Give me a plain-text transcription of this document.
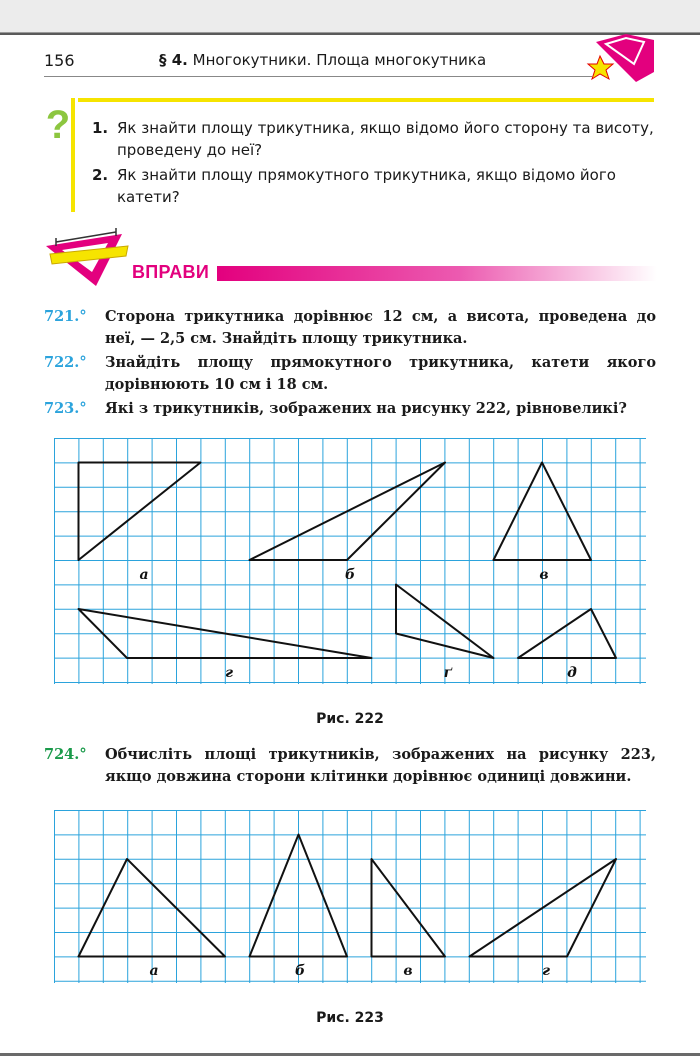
156	§ 4. Многокутники. Площа многокутника
? 1. Як знайти площу трикутника, якщо відомо його сторону та висоту, проведену до неї?
2. Як знайти площу прямокутного трикутника, якщо відомо його катети?
ВПРАВИ
721.°	Сторона трикутника дорівнює 12 см, а висота, проведена до неї, — 2,5 см. Знайдіть площу трикутника.
722.°	Знайдіть площу прямокутного трикутника, катети якого дорівнюють 10 см і 18 см.
723.°	Які з трикутників, зображених на рисунку 222, рівновеликі?
а	б	в
г	ґ	д
Рис. 222
724.°	Обчисліть площі трикутників, зображених на рисунку 223, якщо довжина сторони клітинки дорівнює одиниці довжини.
а	б	в	г
Рис. 223
